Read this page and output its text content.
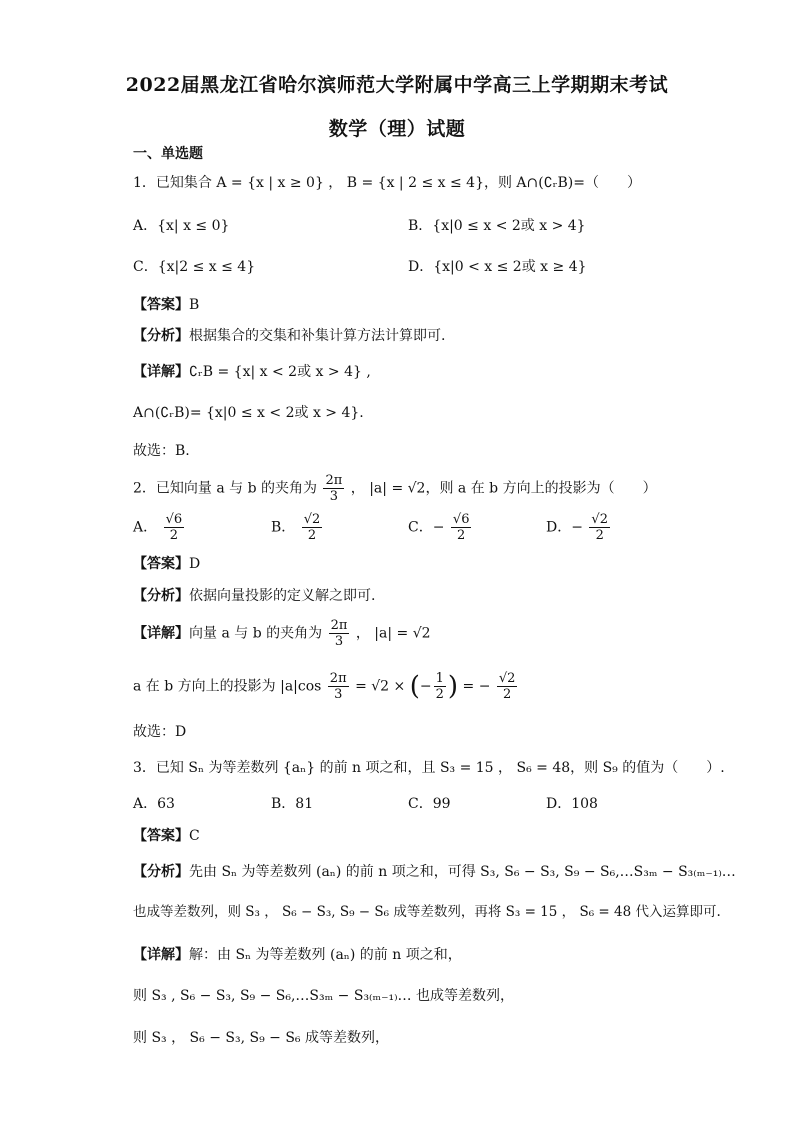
2022届黑龙江省哈尔滨师范大学附属中学高三上学期期末考试
数学（理）试题
一、单选题
1．已知集合 A = {x | x ≥ 0} ， B = {x | 2 ≤ x ≤ 4}，则 A∩(∁ᵣB)=（　　）
A．{x| x ≤ 0}	B．{x|0 ≤ x < 2或 x > 4}
C．{x|2 ≤ x ≤ 4}	D．{x|0 < x ≤ 2或 x ≥ 4}
【答案】B
【分析】根据集合的交集和补集计算方法计算即可.
【详解】∁ᵣB = {x| x < 2或 x > 4} ,
A∩(∁ᵣB)= {x|0 ≤ x < 2或 x > 4}.
故选：B.
2．已知向量 a 与 b 的夹角为 $\frac{2\pi}{3}$ ， |a| = √2，则 a 在 b 方向上的投影为（　　）
A． $\frac{√6}{2}$	B． $\frac{√2}{2}$	C．− $\frac{√6}{2}$	D．− $\frac{√2}{2}$
【答案】D
【分析】依据向量投影的定义解之即可.
【详解】向量 a 与 b 的夹角为 $\frac{2\pi}{3}$ ， |a| = √2
a 在 b 方向上的投影为 $|a|\cos \frac{2\pi}{3} = √2$ × (− $\frac{1}{2}$ ) = − $\frac{√2}{2}$
故选：D
3．已知 Sₙ 为等差数列 {aₙ} 的前 n 项之和，且 S₃ = 15 ， S₆ = 48，则 S₉ 的值为（　　）.
A．63	B．81	C．99	D．108
【答案】C
【分析】先由 Sₙ 为等差数列 (aₙ) 的前 n 项之和，可得 S₃, S₆ − S₃, S₉ − S₆,…S₃ₘ − S₃₍ₘ₋₁₎…
也成等差数列，则 S₃ ， S₆ − S₃, S₉ − S₆ 成等差数列，再将 S₃ = 15 ， S₆ = 48 代入运算即可.
【详解】解：由 Sₙ 为等差数列 (aₙ) 的前 n 项之和，
则 S₃ , S₆ − S₃, S₉ − S₆,…S₃ₘ − S₃₍ₘ₋₁₎… 也成等差数列，
则 S₃ ， S₆ − S₃, S₉ − S₆ 成等差数列，
